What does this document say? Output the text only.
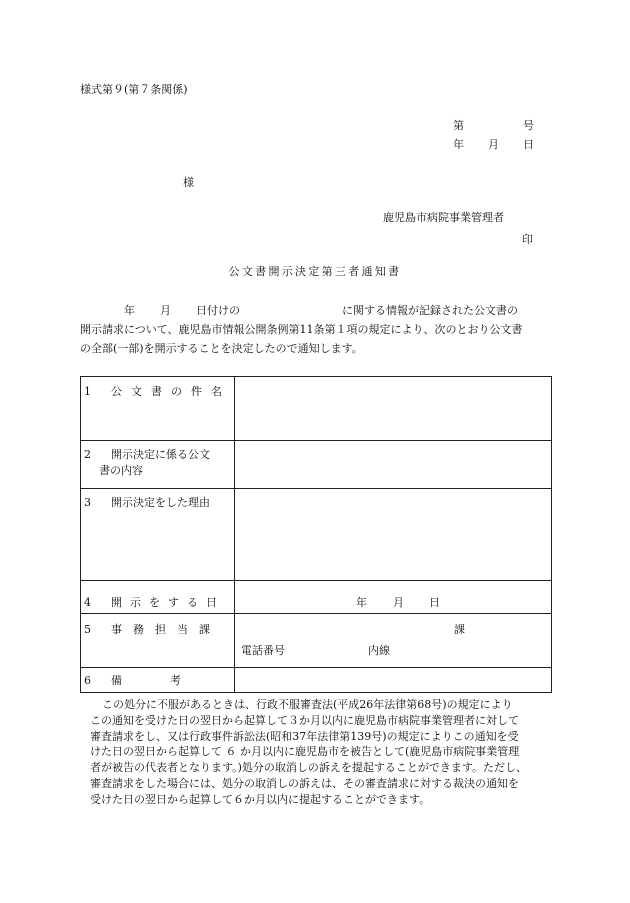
様式第９(第７条関係)
第	号
年 月 日
様
鹿児島市病院事業管理者
印
公文書開示決定第三者通知書
年 月 日付けの	に関する情報が記録された公文書の
開示請求について、鹿児島市情報公開条例第11条第１項の規定により、次のとおり公文書
の全部(一部)を開示することを決定したので通知します。
1 公文書の件名
2 開示決定に係る公文
書の内容
3 開示決定をした理由
4 開示をする日	年 月 日
5 事務担当課	課
電話番号	内線
6 備考
この処分に不服があるときは、行政不服審査法(平成26年法律第68号)の規定により
この通知を受けた日の翌日から起算して３か月以内に鹿児島市病院事業管理者に対して
審査請求をし、又は行政事件訴訟法(昭和37年法律第139号)の規定によりこの通知を受
けた日の翌日から起算して ６ か月以内に鹿児島市を被告として(鹿児島市病院事業管理
者が被告の代表者となります。)処分の取消しの訴えを提起することができます。ただし、
審査請求をした場合には、処分の取消しの訴えは、その審査請求に対する裁決の通知を
受けた日の翌日から起算して６か月以内に提起することができます。
